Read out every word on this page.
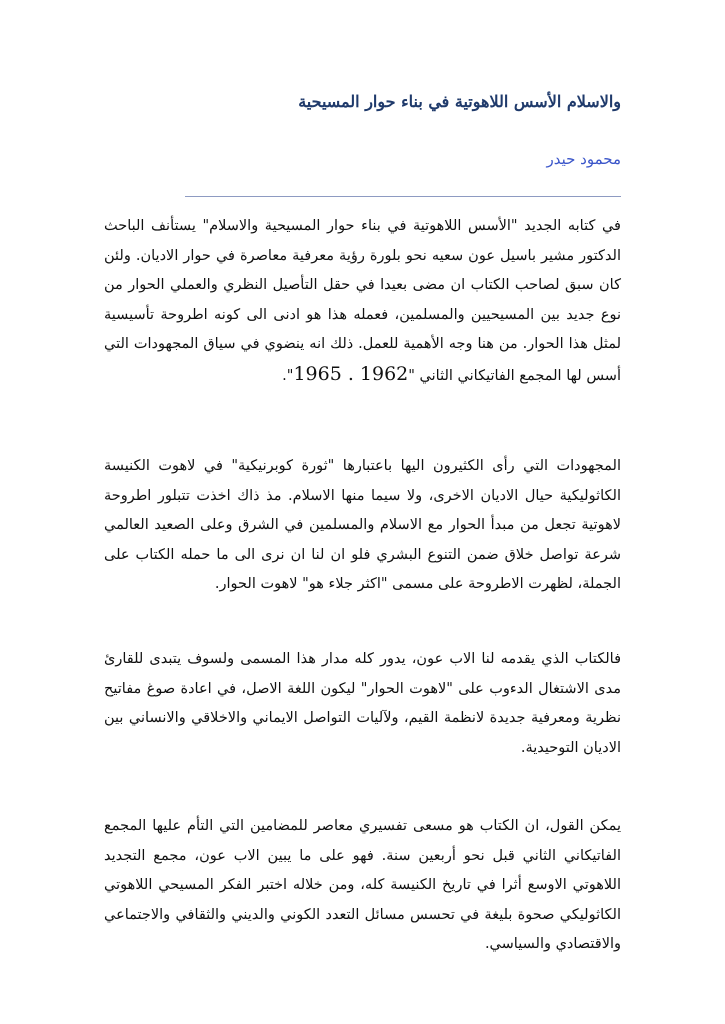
والاسلام الأسس اللاهوتية في بناء حوار المسيحية
محمود حيدر

في كتابه الجديد "الأسس اللاهوتية في بناء حوار المسيحية والاسلام" يستأنف الباحث الدكتور مشير باسيل عون سعيه نحو بلورة رؤية معرفية معاصرة في حوار الاديان. ولئن كان سبق لصاحب الكتاب ان مضى بعيدا في حقل التأصيل النظري والعملي الحوار من نوع جديد بين المسيحيين والمسلمين، فعمله هذا هو ادنى الى كونه اطروحة تأسيسية لمثل هذا الحوار. من هنا وجه الأهمية للعمل. ذلك انه ينضوي في سياق المجهودات التي أسس لها المجمع الفاتيكاني الثاني "1962 . 1965".

المجهودات التي رأى الكثيرون اليها باعتبارها "ثورة كوبرنيكية" في لاهوت الكنيسة الكاثوليكية حيال الاديان الاخرى، ولا سيما منها الاسلام. مذ ذاك اخذت تتبلور اطروحة لاهوتية تجعل من مبدأ الحوار مع الاسلام والمسلمين في الشرق وعلى الصعيد العالمي شرعة تواصل خلاق ضمن التنوع البشري فلو ان لنا ان نرى الى ما حمله الكتاب على الجملة، لظهرت الاطروحة على مسمى "اكثر جلاء هو" لاهوت الحوار.

فالكتاب الذي يقدمه لنا الاب عون، يدور كله مدار هذا المسمى ولسوف يتبدى للقارئ مدى الاشتغال الدءوب على "لاهوت الحوار" ليكون اللغة الاصل، في اعادة صوغ مفاتيح نظرية ومعرفية جديدة لانظمة القيم، ولآليات التواصل الايماني والاخلاقي والانساني بين الاديان التوحيدية.

يمكن القول، ان الكتاب هو مسعى تفسيري معاصر للمضامين التي التأم عليها المجمع الفاتيكاني الثاني قبل نحو أربعين سنة. فهو على ما يبين الاب عون، مجمع التجديد اللاهوتي الاوسع أثرا في تاريخ الكنيسة كله، ومن خلاله اختبر الفكر المسيحي اللاهوتي الكاثوليكي صحوة بليغة في تحسس مسائل التعدد الكوني والديني والثقافي والاجتماعي والاقتصادي والسياسي.
